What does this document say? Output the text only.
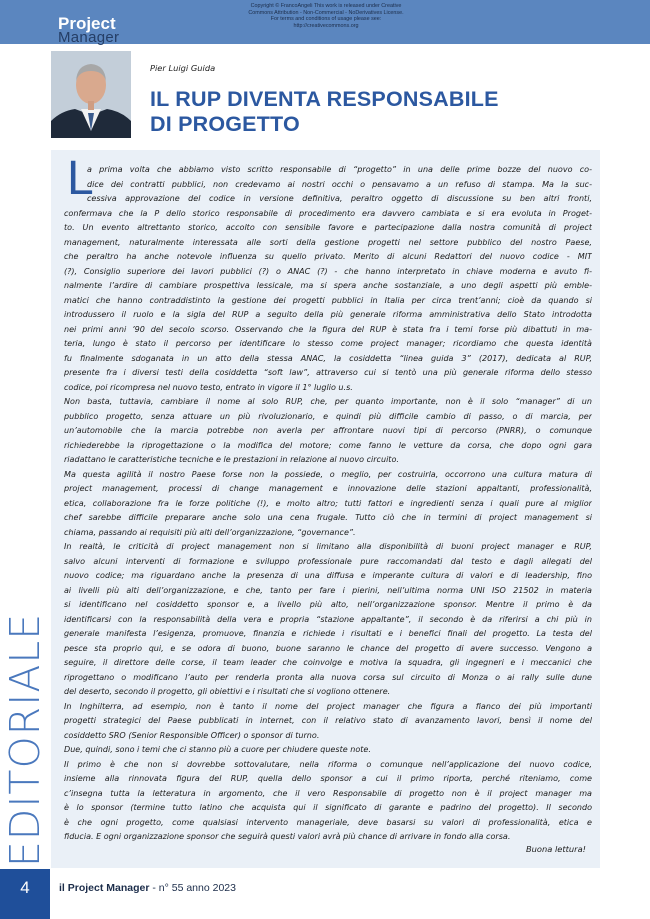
Project
Manager
Copyright © FrancoAngeli This work is released under Creative
Commons Attribution - Non-Commercial - NoDerivatives License.
For terms and conditions of usage please see:
http://creativecommons.org
Pier Luigi Guida
IL RUP DIVENTA RESPONSABILE
DI PROGETTO
L
a prima volta che abbiamo visto scritto responsabile di “progetto” in una delle prime bozze del nuovo co-
dice dei contratti pubblici, non credevamo ai nostri occhi o pensavamo a un refuso di stampa. Ma la suc-
cessiva approvazione del codice in versione definitiva, peraltro oggetto di discussione su ben altri fronti,
confermava che la P dello storico responsabile di procedimento era davvero cambiata e si era evoluta in Proget-
to. Un evento altrettanto storico, accolto con sensibile favore e partecipazione dalla nostra comunità di project
management, naturalmente interessata alle sorti della gestione progetti nel settore pubblico del nostro Paese,
che peraltro ha anche notevole influenza su quello privato. Merito di alcuni Redattori del nuovo codice - MIT
(?), Consiglio superiore dei lavori pubblici (?) o ANAC (?) - che hanno interpretato in chiave moderna e avuto fi-
nalmente l’ardire di cambiare prospettiva lessicale, ma si spera anche sostanziale, a uno degli aspetti più emble-
matici che hanno contraddistinto la gestione dei progetti pubblici in Italia per circa trent’anni; cioè da quando si
introdussero il ruolo e la sigla del RUP a seguito della più generale riforma amministrativa dello Stato introdotta
nei primi anni ’90 del secolo scorso. Osservando che la figura del RUP è stata fra i temi forse più dibattuti in ma-
teria, lungo è stato il percorso per identificare lo stesso come project manager; ricordiamo che questa identità
fu finalmente sdoganata in un atto della stessa ANAC, la cosiddetta “linea guida 3” (2017), dedicata al RUP,
presente fra i diversi testi della cosiddetta “soft law”, attraverso cui si tentò una più generale riforma dello stesso
codice, poi ricompresa nel nuovo testo, entrato in vigore il 1° luglio u.s.
Non basta, tuttavia, cambiare il nome al solo RUP, che, per quanto importante, non è il solo “manager” di un
pubblico progetto, senza attuare un più rivoluzionario, e quindi più difficile cambio di passo, o di marcia, per
un’automobile che la marcia potrebbe non averla per affrontare nuovi tipi di percorso (PNRR), o comunque
richiederebbe la riprogettazione o la modifica del motore; come fanno le vetture da corsa, che dopo ogni gara
riadattano le caratteristiche tecniche e le prestazioni in relazione al nuovo circuito.
Ma questa agilità il nostro Paese forse non la possiede, o meglio, per costruirla, occorrono una cultura matura di
project management, processi di change management e innovazione delle stazioni appaltanti, professionalità,
etica, collaborazione fra le forze politiche (!), e molto altro; tutti fattori e ingredienti senza i quali pure al miglior
chef sarebbe difficile preparare anche solo una cena frugale. Tutto ciò che in termini di project management si
chiama, passando ai requisiti più alti dell’organizzazione, “governance”.
In realtà, le criticità di project management non si limitano alla disponibilità di buoni project manager e RUP,
salvo alcuni interventi di formazione e sviluppo professionale pure raccomandati dal testo e dagli allegati del
nuovo codice; ma riguardano anche la presenza di una diffusa e imperante cultura di valori e di leadership, fino
ai livelli più alti dell’organizzazione, e che, tanto per fare i pierini, nell’ultima norma UNI ISO 21502 in materia
si identificano nel cosiddetto sponsor e, a livello più alto, nell’organizzazione sponsor. Mentre il primo è da
identificarsi con la responsabilità della vera e propria “stazione appaltante”, il secondo è da riferirsi a chi più in
generale manifesta l’esigenza, promuove, finanzia e richiede i risultati e i benefici finali del progetto. La testa del
pesce sta proprio qui, e se odora di buono, buone saranno le chance del progetto di avere successo. Vengono a
seguire, il direttore delle corse, il team leader che coinvolge e motiva la squadra, gli ingegneri e i meccanici che
riprogettano o modificano l’auto per renderla pronta alla nuova corsa sul circuito di Monza o ai rally sulle dune
del deserto, secondo il progetto, gli obiettivi e i risultati che si vogliono ottenere.
In Inghilterra, ad esempio, non è tanto il nome del project manager che figura a fianco dei più importanti
progetti strategici del Paese pubblicati in internet, con il relativo stato di avanzamento lavori, bensì il nome del
cosiddetto SRO (Senior Responsible Officer) o sponsor di turno.
Due, quindi, sono i temi che ci stanno più a cuore per chiudere queste note.
Il primo è che non si dovrebbe sottovalutare, nella riforma o comunque nell’applicazione del nuovo codice,
insieme alla rinnovata figura del RUP, quella dello sponsor a cui il primo riporta, perché riteniamo, come
c’insegna tutta la letteratura in argomento, che il vero Responsabile di progetto non è il project manager ma
è lo sponsor (termine tutto latino che acquista qui il significato di garante e padrino del progetto). Il secondo
è che ogni progetto, come qualsiasi intervento manageriale, deve basarsi su valori di professionalità, etica e
fiducia. E ogni organizzazione sponsor che seguirà questi valori avrà più chance di arrivare in fondo alla corsa.
Buona lettura!
EDITORIALE
4	il Project Manager - n° 55 anno 2023
